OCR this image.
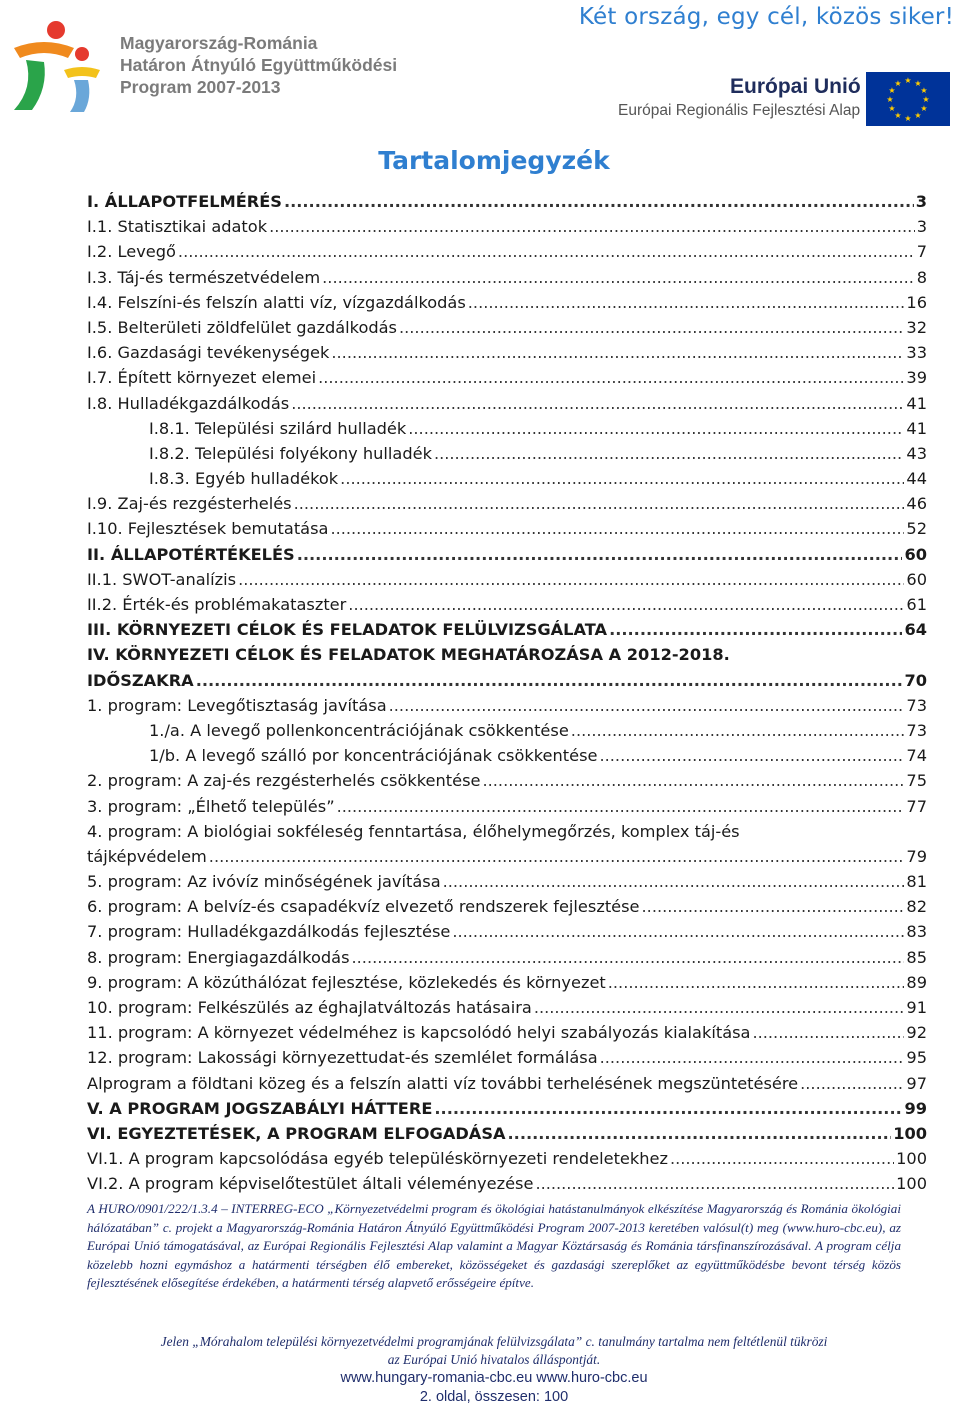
Két ország, egy cél, közös siker!
Magyarország-Románia
Határon Átnyúló Együttműködési
Program 2007-2013	Európai Unió
Európai Regionális Fejlesztési Alap
★ ★
★
★
★
★
★
★
★
★
★
★
Tartalomjegyzék
I. ÁLLAPOTFELMÉRÉS .....	3
I.1. Statisztikai adatok .....	3
I.2. Levegő .....	7
I.3. Táj-és természetvédelem .....	8
I.4. Felszíni-és felszín alatti víz, vízgazdálkodás .....	16
I.5. Belterületi zöldfelület gazdálkodás .....	32
I.6. Gazdasági tevékenységek .....	33
I.7. Épített környezet elemei .....	39
I.8. Hulladékgazdálkodás .....	41
I.8.1. Települési szilárd hulladék .....	41
I.8.2. Települési folyékony hulladék .....	43
I.8.3. Egyéb hulladékok .....	44
I.9. Zaj-és rezgésterhelés .....	46
I.10. Fejlesztések bemutatása .....	52
II. ÁLLAPOTÉRTÉKELÉS .....	60
II.1. SWOT-analízis .....	60
II.2. Érték-és problémakataszter .....	61
III. KÖRNYEZETI CÉLOK ÉS FELADATOK FELÜLVIZSGÁLATA .....	64
IV. KÖRNYEZETI CÉLOK ÉS FELADATOK MEGHATÁROZÁSA A 2012-2018.
IDŐSZAKRA .....	70
1. program: Levegőtisztaság javítása .....	73
1./a. A levegő pollenkoncentrációjának csökkentése .....	73
1/b. A levegő szálló por koncentrációjának csökkentése .....	74
2. program: A zaj-és rezgésterhelés csökkentése .....	75
3. program: „Élhető település” .....	77
4. program: A biológiai sokféleség fenntartása, élőhelymegőrzés, komplex táj-és
tájképvédelem .....	79
5. program: Az ivóvíz minőségének javítása .....	81
6. program: A belvíz-és csapadékvíz elvezető rendszerek fejlesztése .....	82
7. program: Hulladékgazdálkodás fejlesztése .....	83
8. program: Energiagazdálkodás .....	85
9. program: A közúthálózat fejlesztése, közlekedés és környezet .....	89
10. program: Felkészülés az éghajlatváltozás hatásaira .....	91
11. program: A környezet védelméhez is kapcsolódó helyi szabályozás kialakítása .....	92
12. program: Lakossági környezettudat-és szemlélet formálása .....	95
Alprogram a földtani közeg és a felszín alatti víz további terhelésének megszüntetésére .....	97
V. A PROGRAM JOGSZABÁLYI HÁTTERE .....	99
VI. EGYEZTETÉSEK, A PROGRAM ELFOGADÁSA .....	100
VI.1. A program kapcsolódása egyéb településkörnyezeti rendeletekhez .....	100
VI.2. A program képviselőtestület általi véleményezése .....	100
A HURO/0901/222/1.3.4 – INTERREG-ECO „Környezetvédelmi program és ökológiai hatástanulmányok elkészítése Magyarország és Románia ökológiai hálózatában” c. projekt a Magyarország-Románia Határon Átnyúló Együttműködési Program 2007-2013 keretében valósul(t) meg (www.huro-cbc.eu), az Európai Unió támogatásával, az Európai Regionális Fejlesztési Alap valamint a Magyar Köztársaság és Románia társfinanszírozásával. A program célja közelebb hozni egymáshoz a határmenti térségben élő embereket, közösségeket és gazdasági szereplőket az együttműködésbe bevont térség közös fejlesztésének elősegítése érdekében, a határmenti térség alapvető erősségeire építve.
Jelen „Mórahalom települési környezetvédelmi programjának felülvizsgálata” c. tanulmány tartalma nem feltétlenül tükrözi
az Európai Unió hivatalos álláspontját.
www.hungary-romania-cbc.eu www.huro-cbc.eu
2. oldal, összesen: 100
